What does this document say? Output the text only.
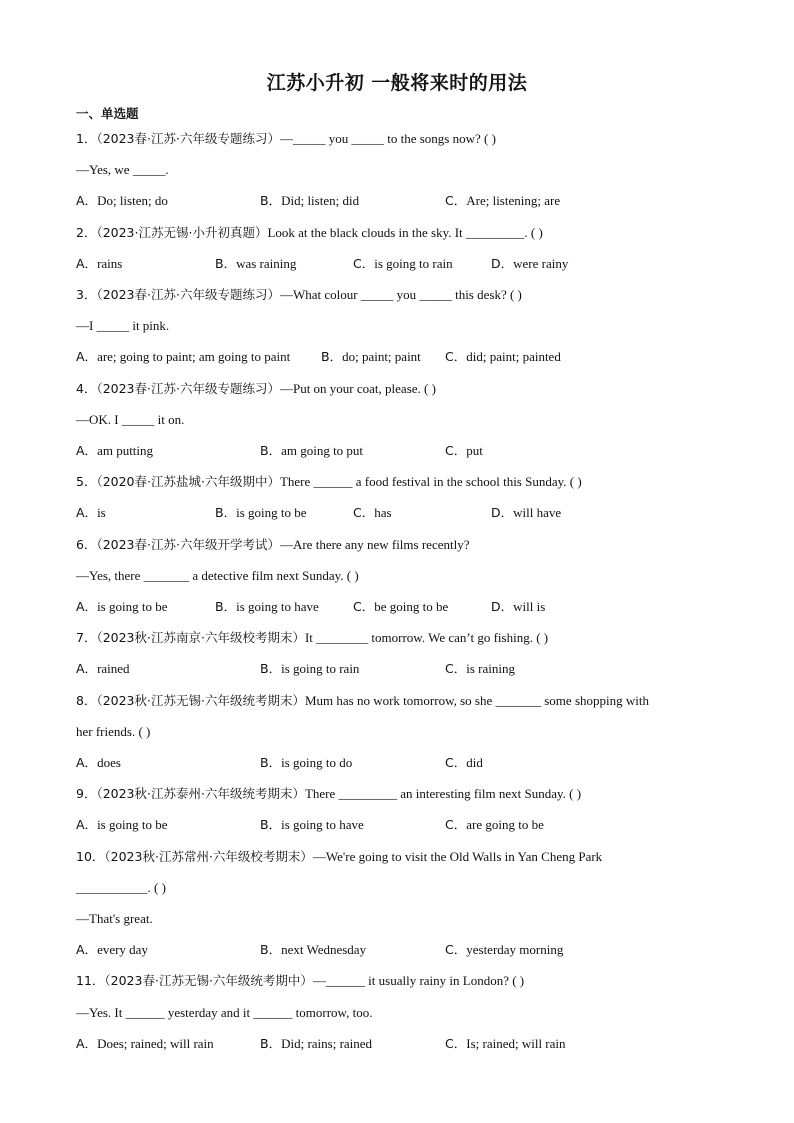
江苏小升初 一般将来时的用法
一、单选题
1．（2023春·江苏·六年级专题练习）—_____ you _____ to the songs now? ( )
—Yes, we _____.
A．Do; listen; do	B．Did; listen; did	C．Are; listening; are
2．（2023·江苏无锡·小升初真题）Look at the black clouds in the sky. It _________. ( )
A．rains	B．was raining	C．is going to rain	D．were rainy
3．（2023春·江苏·六年级专题练习）—What colour _____ you _____ this desk? ( )
—I _____ it pink.
A．are; going to paint; am going to paint B．do; paint; paint C．did; paint; painted
4．（2023春·江苏·六年级专题练习）—Put on your coat, please. ( )
—OK. I _____ it on.
A．am putting	B．am going to put	C．put
5．（2020春·江苏盐城·六年级期中）There ______ a food festival in the school this Sunday. ( )
A．is	B．is going to be	C．has	D．will have
6．（2023春·江苏·六年级开学考试）—Are there any new films recently?
—Yes, there _______ a detective film next Sunday. ( )
A．is going to be	B．is going to have	C．be going to be	D．will is
7．（2023秋·江苏南京·六年级校考期末）It ________ tomorrow. We can’t go fishing. ( )
A．rained	B．is going to rain	C．is raining
8．（2023秋·江苏无锡·六年级统考期末）Mum has no work tomorrow, so she _______ some shopping with
her friends. ( )
A．does	B．is going to do	C．did
9．（2023秋·江苏泰州·六年级统考期末）There _________ an interesting film next Sunday. ( )
A．is going to be	B．is going to have	C．are going to be
10．（2023秋·江苏常州·六年级校考期末）—We're going to visit the Old Walls in Yan Cheng Park
___________. ( )
—That's great.
A．every day	B．next Wednesday	C．yesterday morning
11．（2023春·江苏无锡·六年级统考期中）—______ it usually rainy in London? ( )
—Yes. It ______ yesterday and it ______ tomorrow, too.
A．Does; rained; will rain	B．Did; rains; rained	C．Is; rained; will rain
